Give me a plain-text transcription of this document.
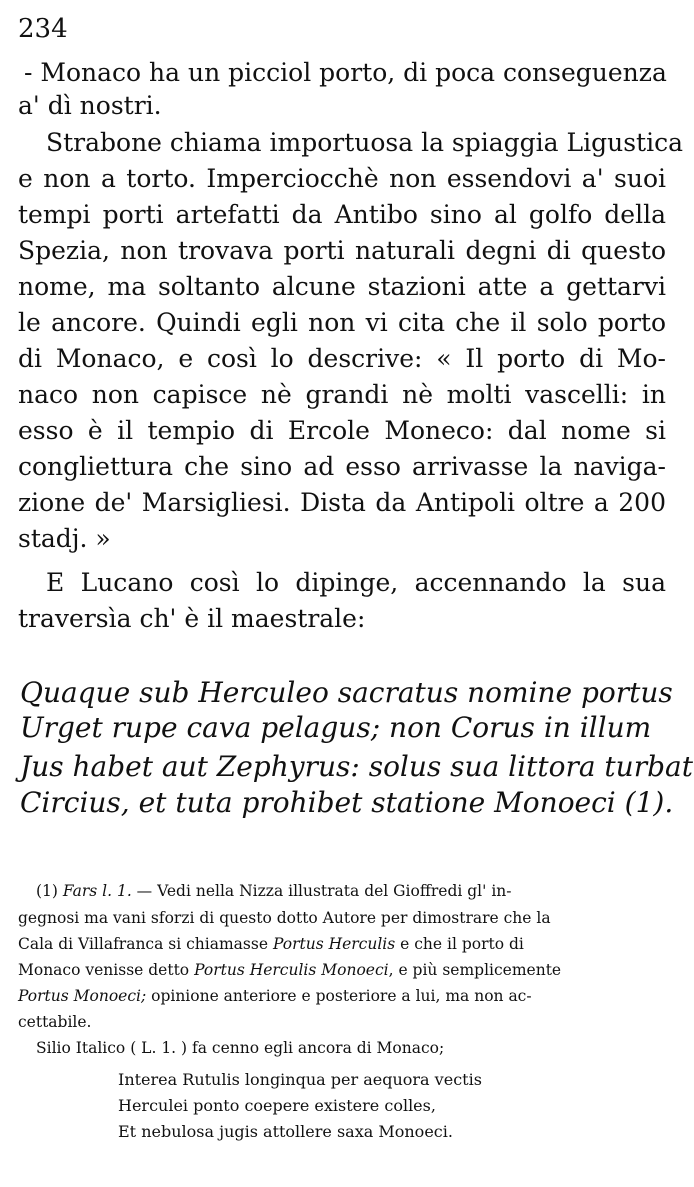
234
- Monaco ha un picciol porto, di poca conseguenza
a' dì nostri.
Strabone chiama importuosa la spiaggia Ligustica
e non a torto. Imperciocchè non essendovi a' suoi
tempi porti artefatti da Antibo sino al golfo della
Spezia, non trovava porti naturali degni di questo
nome, ma soltanto alcune stazioni atte a gettarvi
le ancore. Quindi egli non vi cita che il solo porto
di Monaco, e così lo descrive: « Il porto di Mo-
naco non capisce nè grandi nè molti vascelli: in
esso è il tempio di Ercole Moneco: dal nome si
congliettura che sino ad esso arrivasse la naviga-
zione de' Marsigliesi. Dista da Antipoli oltre a 200
stadj. »
E Lucano così lo dipinge, accennando la sua
traversìa ch' è il maestrale:
Quaque sub Herculeo sacratus nomine portus
Urget rupe cava pelagus; non Corus in illum
Jus habet aut Zephyrus: solus sua littora turbat
Circius, et tuta prohibet statione Monoeci (1).
(1) Fars l. 1. — Vedi nella Nizza illustrata del Gioffredi gl' in-
gegnosi ma vani sforzi di questo dotto Autore per dimostrare che la
Cala di Villafranca si chiamasse Portus Herculis e che il porto di
Monaco venisse detto Portus Herculis Monoeci, e più semplicemente
Portus Monoeci; opinione anteriore e posteriore a lui, ma non ac-
cettabile.
Silio Italico ( L. 1. ) fa cenno egli ancora di Monaco;
Interea Rutulis longinqua per aequora vectis
Herculei ponto coepere existere colles,
Et nebulosa jugis attollere saxa Monoeci.
